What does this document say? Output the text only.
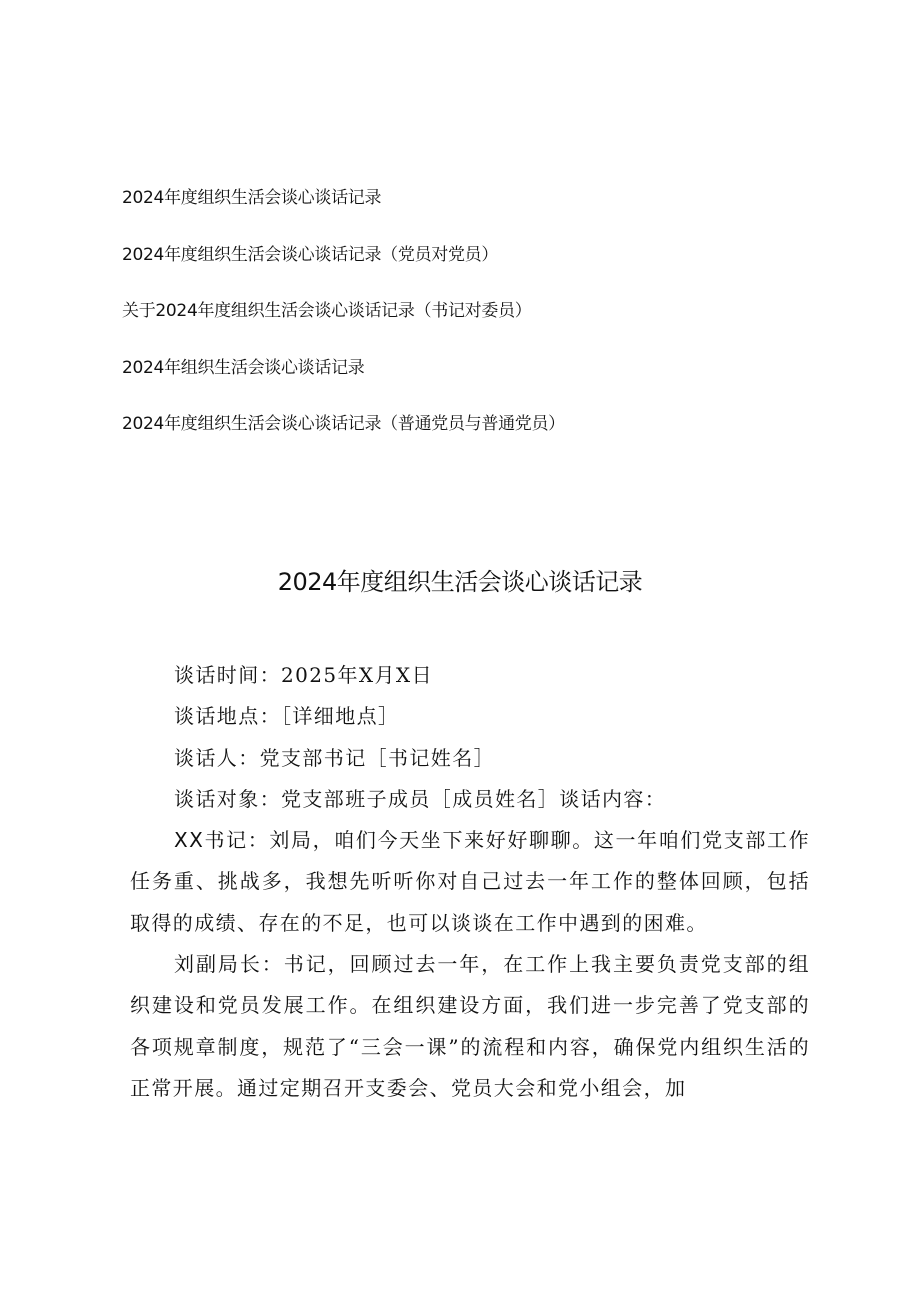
2024年度组织生活会谈心谈话记录
2024年度组织生活会谈心谈话记录（党员对党员）
关于2024年度组织生活会谈心谈话记录（书记对委员）
2024年组织生活会谈心谈话记录
2024年度组织生活会谈心谈话记录（普通党员与普通党员）
2024年度组织生活会谈心谈话记录
谈话时间：2025年X月X日
谈话地点：［详细地点］
谈话人：党支部书记［书记姓名］
谈话对象：党支部班子成员［成员姓名］谈话内容：

XX书记：刘局，咱们今天坐下来好好聊聊。这一年咱们党支部工作任务重、挑战多，我想先听听你对自己过去一年工作的整体回顾，包括取得的成绩、存在的不足，也可以谈谈在工作中遇到的困难。

刘副局长：书记，回顾过去一年，在工作上我主要负责党支部的组织建设和党员发展工作。在组织建设方面，我们进一步完善了党支部的各项规章制度，规范了“三会一课”的流程和内容，确保党内组织生活的正常开展。通过定期召开支委会、党员大会和党小组会，加
